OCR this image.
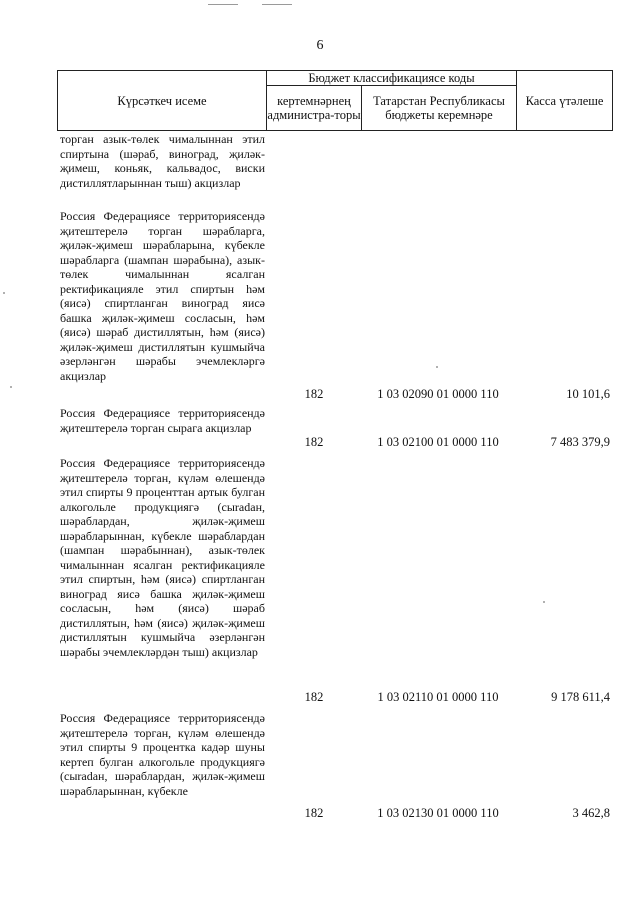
6
Күрсәткеч исеме
Бюджет классификациясе коды
кертемнәрнең администра-торы
Татарстан Республикасы бюджеты керемнәре
Касса үтәлеше
торган азык-төлек чималыннан этил спиртына (шәраб, виноград, җиләк-җимеш, коньяк, кальвадос, виски дистиллятларыннан тыш) акцизлар
Россия Федерациясе территориясендә җитештерелә торган шәрабларга, җиләк-җимеш шәрабларына, күбекле шәрабларга (шампан шәрабына), азык-төлек чималыннан ясалган ректификацияле этил спиртын һәм (яисә) спиртланган виноград яисә башка җиләк-җимеш сосласын, һәм (яисә) шәраб дистиллятын, һәм (яисә) җиләк-җимеш дистиллятын кушмыйча әзерләнгән шәрабы эчемлекләргә акцизлар
182	1 03 02090 01 0000 110	10 101,6
Россия Федерациясе территориясендә җитештерелә торган сырага акцизлар
182	1 03 02100 01 0000 110	7 483 379,9
Россия Федерациясе территориясендә җитештерелә торган, күләм өлешендә этил спирты 9 проценттан артык булган алкогольле продукциягә (сыradан, шәраблардан, җиләк-җимеш шәрабларыннан, күбекле шәраблардан (шампан шәрабыннан), азык-төлек чималыннан ясалган ректификацияле этил спиртын, һәм (яисә) спиртланган виноград яисә башка җиләк-җимеш сосласын, һәм (яисә) шәраб дистиллятын, һәм (яисә) җиләк-җимеш дистиллятын кушмыйча әзерләнгән шәрабы эчемлекләрдән тыш) акцизлар
182	1 03 02110 01 0000 110	9 178 611,4
Россия Федерациясе территориясендә җитештерелә торган, күләм өлешендә этил спирты 9 процентка кадәр шуны кертеп булган алкогольле продукциягә (сыradан, шәраблардан, җиләк-җимеш шәрабларыннан, күбекле
182	1 03 02130 01 0000 110	3 462,8
